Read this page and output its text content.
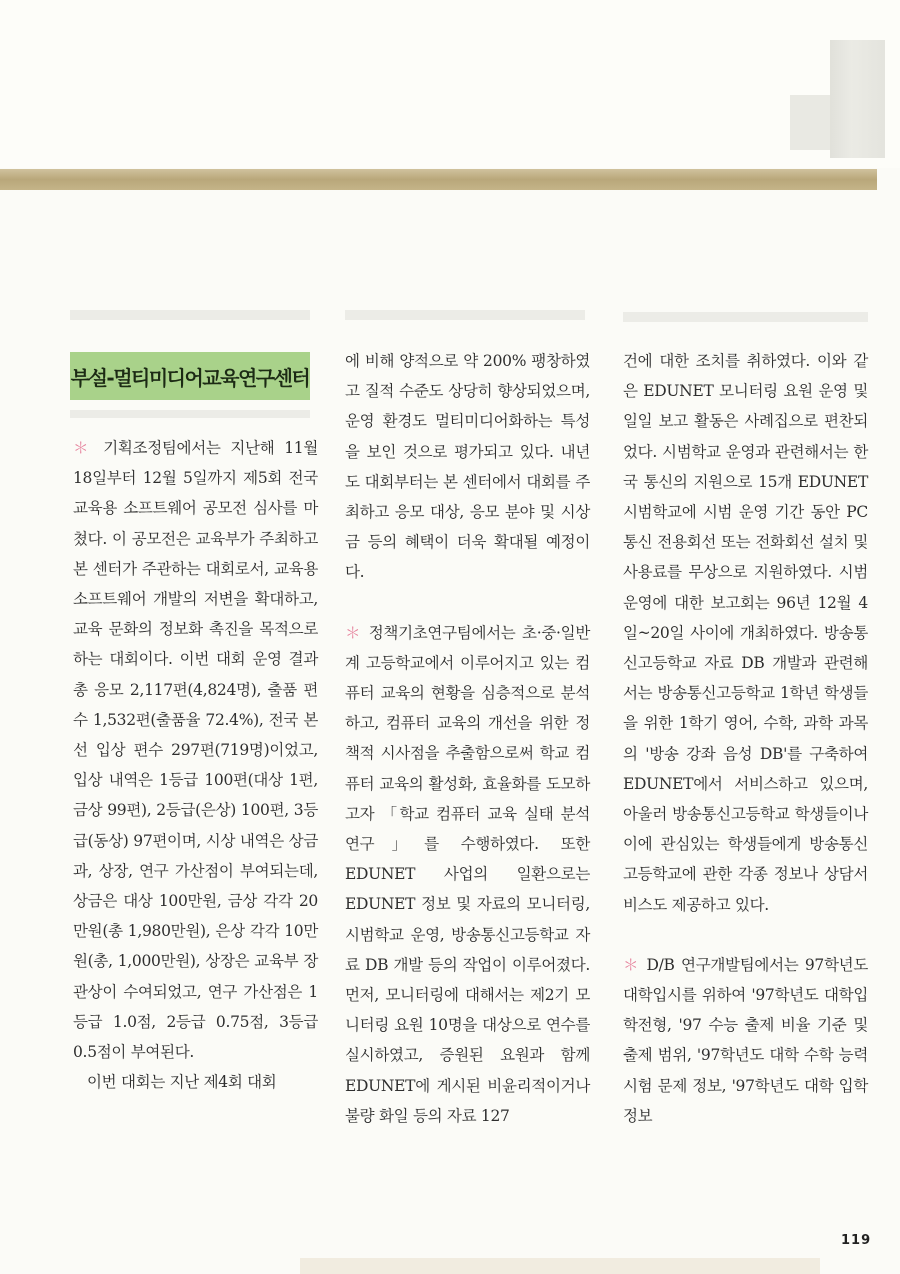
부설-멀티미디어교육연구센터

＊ 기획조정팀에서는 지난해 11월 18일부터 12월 5일까지 제5회 전국 교육용 소프트웨어 공모전 심사를 마쳤다. 이 공모전은 교육부가 주최하고 본 센터가 주관하는 대회로서, 교육용 소프트웨어 개발의 저변을 확대하고, 교육 문화의 정보화 촉진을 목적으로하는 대회이다. 이번 대회 운영 결과 총 응모 2,117편(4,824명), 출품 편수 1,532편(출품율 72.4%), 전국 본선 입상 편수 297편(719명)이었고, 입상 내역은 1등급 100편(대상 1편, 금상 99편), 2등급(은상) 100편, 3등급(동상) 97편이며, 시상 내역은 상금과, 상장, 연구 가산점이 부여되는데, 상금은 대상 100만원, 금상 각각 20만원(총 1,980만원), 은상 각각 10만원(총, 1,000만원), 상장은 교육부 장관상이 수여되었고, 연구 가산점은 1등급 1.0점, 2등급 0.75점, 3등급 0.5점이 부여된다.

이번 대회는 지난 제4회 대회

에 비해 양적으로 약 200% 팽창하였고 질적 수준도 상당히 향상되었으며, 운영 환경도 멀티미디어화하는 특성을 보인 것으로 평가되고 있다. 내년도 대회부터는 본 센터에서 대회를 주최하고 응모 대상, 응모 분야 및 시상금 등의 혜택이 더욱 확대될 예정이다.

＊ 정책기초연구팀에서는 초·중·일반계 고등학교에서 이루어지고 있는 컴퓨터 교육의 현황을 심층적으로 분석하고, 컴퓨터 교육의 개선을 위한 정책적 시사점을 추출함으로써 학교 컴퓨터 교육의 활성화, 효율화를 도모하고자 「학교 컴퓨터 교육 실태 분석 연구」를 수행하였다. 또한 EDUNET 사업의 일환으로는 EDUNET 정보 및 자료의 모니터링, 시범학교 운영, 방송통신고등학교 자료 DB 개발 등의 작업이 이루어졌다. 먼저, 모니터링에 대해서는 제2기 모니터링 요원 10명을 대상으로 연수를 실시하였고, 증원된 요원과 함께 EDUNET에 게시된 비윤리적이거나 불량 화일 등의 자료 127

건에 대한 조치를 취하였다. 이와 같은 EDUNET 모니터링 요원 운영 및 일일 보고 활동은 사례집으로 편찬되었다. 시범학교 운영과 관련해서는 한국 통신의 지원으로 15개 EDUNET 시범학교에 시범 운영 기간 동안 PC 통신 전용회선 또는 전화회선 설치 및 사용료를 무상으로 지원하였다. 시범 운영에 대한 보고회는 96년 12월 4일~20일 사이에 개최하였다. 방송통신고등학교 자료 DB 개발과 관련해서는 방송통신고등학교 1학년 학생들을 위한 1학기 영어, 수학, 과학 과목의 '방송 강좌 음성 DB'를 구축하여 EDUNET에서 서비스하고 있으며, 아울러 방송통신고등학교 학생들이나 이에 관심있는 학생들에게 방송통신고등학교에 관한 각종 정보나 상담서비스도 제공하고 있다.

＊ D/B 연구개발팀에서는 97학년도 대학입시를 위하여 '97학년도 대학입학전형, '97 수능 출제 비율 기준 및 출제 범위, '97학년도 대학 수학 능력 시험 문제 정보, '97학년도 대학 입학 정보

119
